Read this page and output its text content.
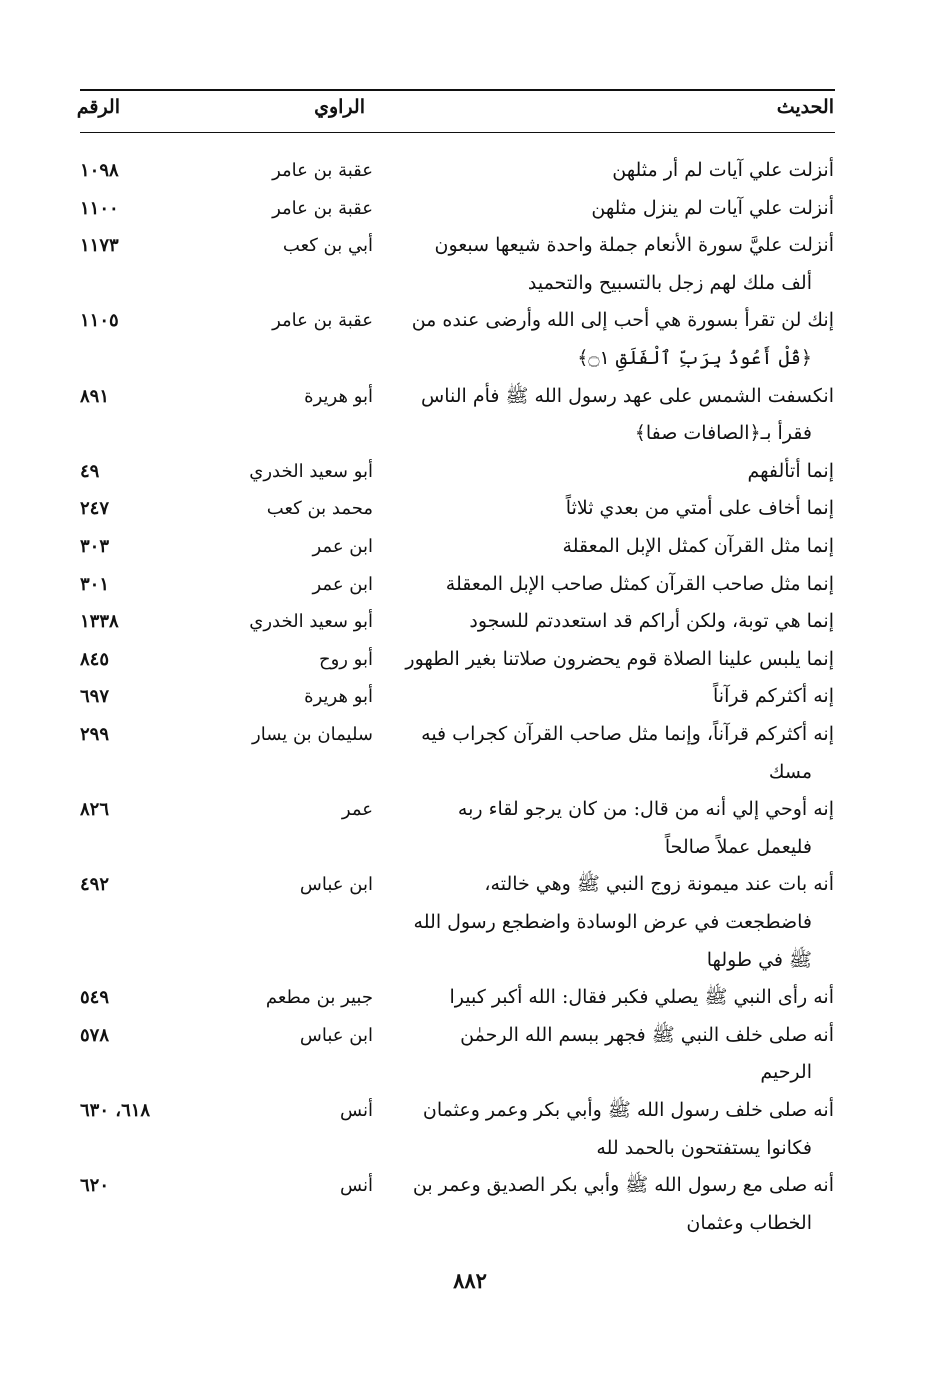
الحديث
الراوي
الرقم
أنزلت علي آيات لم أر مثلهن
عقبة بن عامر
١٠٩٨
أنزلت علي آيات لم ينزل مثلهن
عقبة بن عامر
١١٠٠
أنزلت عليَّ سورة الأنعام جملة واحدة شيعها سبعون
ألف ملك لهم زجل بالتسبيح والتحميد
أبي بن كعب
١١٧٣
إنك لن تقرأ بسورة هي أحب إلى الله وأرضى عنده من
﴿قُلْ أَعُوذُ بِرَبِّ ٱلْفَلَقِ ۝١﴾
عقبة بن عامر
١١٠٥
انكسفت الشمس على عهد رسول الله ﷺ فأم الناس
فقرأ بـ﴿الصافات صفا﴾
أبو هريرة
٨٩١
إنما أتألفهم
أبو سعيد الخدري
٤٩
إنما أخاف على أمتي من بعدي ثلاثاً
محمد بن كعب
٢٤٧
إنما مثل القرآن كمثل الإبل المعقلة
ابن عمر
٣٠٣
إنما مثل صاحب القرآن كمثل صاحب الإبل المعقلة
ابن عمر
٣٠١
إنما هي توبة، ولكن أراكم قد استعددتم للسجود
أبو سعيد الخدري
١٣٣٨
إنما يلبس علينا الصلاة قوم يحضرون صلاتنا بغير الطهور
أبو روح
٨٤٥
إنه أكثركم قرآناً
أبو هريرة
٦٩٧
إنه أكثركم قرآناً، وإنما مثل صاحب القرآن كجراب فيه
مسك
سليمان بن يسار
٢٩٩
إنه أوحي إلي أنه من قال: من كان يرجو لقاء ربه
فليعمل عملاً صالحاً
عمر
٨٢٦
أنه بات عند ميمونة زوج النبي ﷺ وهي خالته،
فاضطجعت في عرض الوسادة واضطجع رسول الله
ﷺ في طولها
ابن عباس
٤٩٢
أنه رأى النبي ﷺ يصلي فكبر فقال: الله أكبر كبيرا
جبير بن مطعم
٥٤٩
أنه صلى خلف النبي ﷺ فجهر ببسم الله الرحمٰن
الرحيم
ابن عباس
٥٧٨
أنه صلى خلف رسول الله ﷺ وأبي بكر وعمر وعثمان
فكانوا يستفتحون بالحمد لله
أنس
٦١٨، ٦٣٠
أنه صلى مع رسول الله ﷺ وأبي بكر الصديق وعمر بن
الخطاب وعثمان
أنس
٦٢٠
٨٨٢
